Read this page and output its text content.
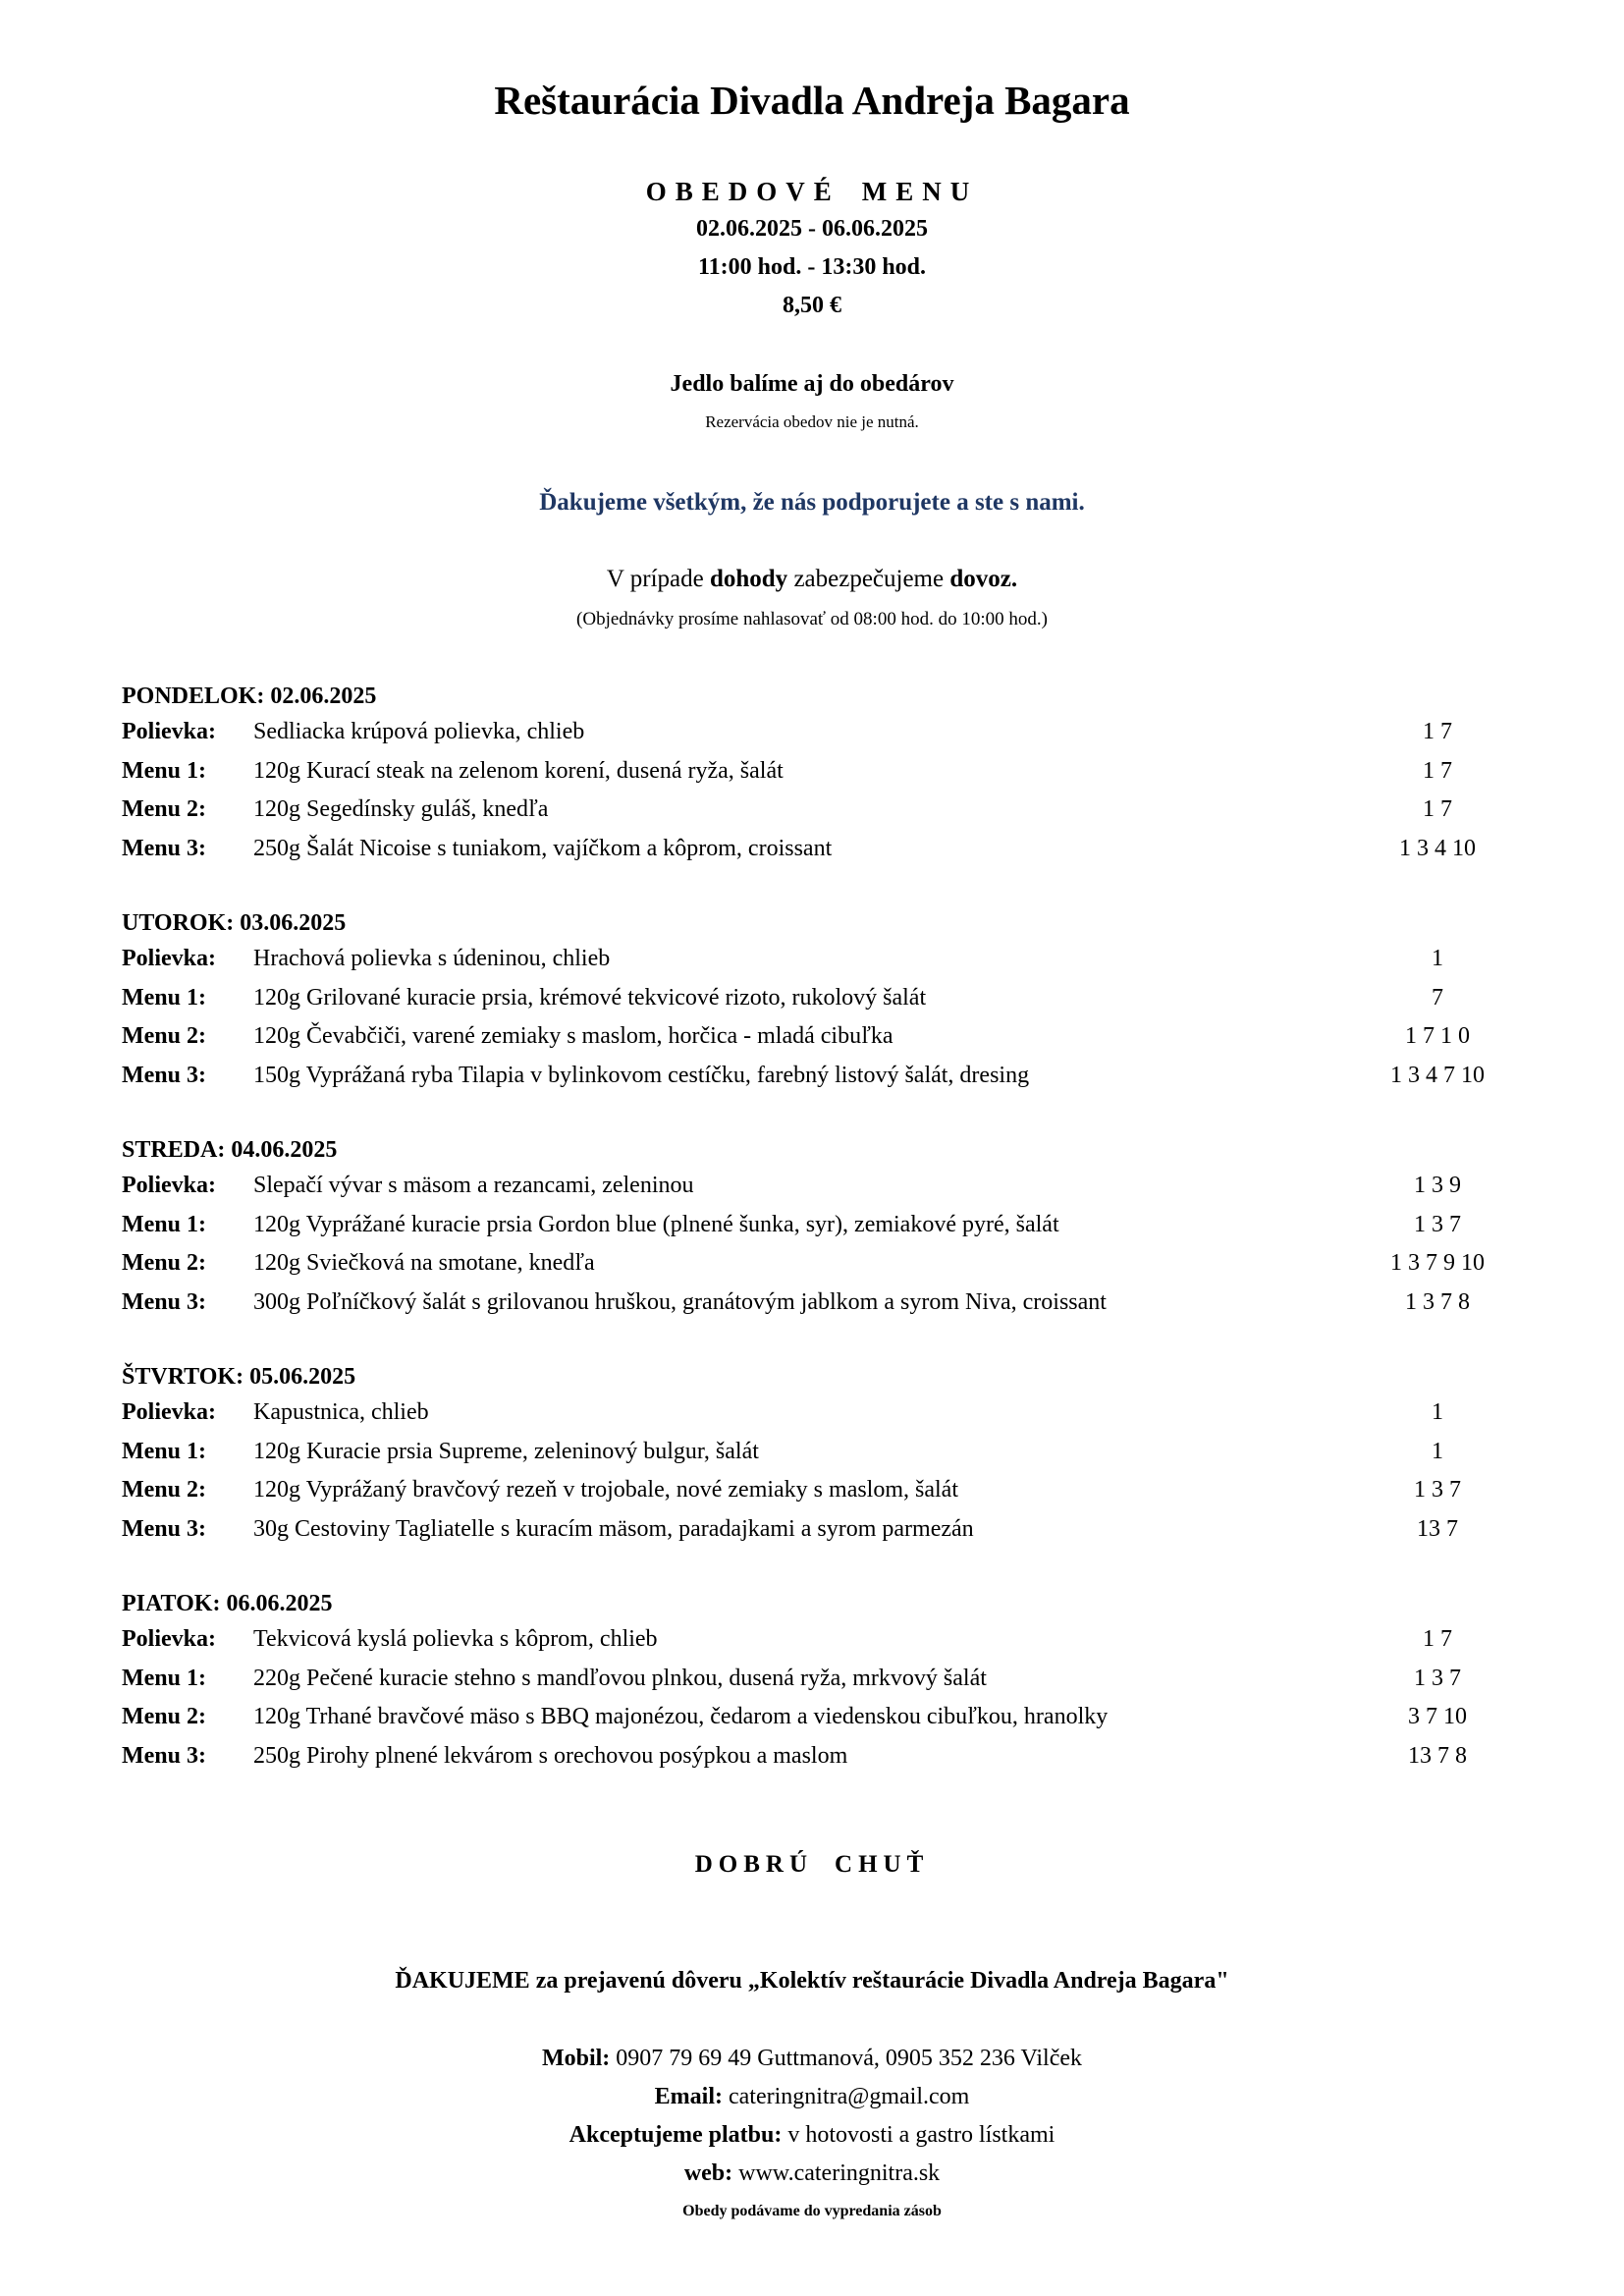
Reštaurácia Divadla Andreja Bagara
OBEDOVÉ MENU
02.06.2025 - 06.06.2025
11:00 hod. - 13:30 hod.
8,50 €
Jedlo balíme aj do obedárov
Rezervácia obedov nie je nutná.
Ďakujeme všetkým, že nás podporujete a ste s nami.
V prípade dohody zabezpečujeme dovoz.
(Objednávky prosíme nahlasovať od 08:00 hod. do 10:00 hod.)
PONDELOK: 02.06.2025
Polievka:	Sedliacka krúpová polievka, chlieb	1 7
Menu 1:	120g Kurací steak na zelenom korení, dusená ryža, šalát	1 7
Menu 2:	120g Segedínsky guláš, knedľa	1 7
Menu 3:	250g Šalát Nicoise s tuniakom, vajíčkom a kôprom, croissant	1 3 4 10
UTOROK: 03.06.2025
Polievka:	Hrachová polievka s údeninou, chlieb	1
Menu 1:	120g Grilované kuracie prsia, krémové tekvicové rizoto, rukolový šalát	7
Menu 2:	120g Čevabčiči, varené zemiaky s maslom, horčica - mladá cibuľka	1 7 1 0
Menu 3:	150g Vyprážaná ryba Tilapia v bylinkovom cestíčku, farebný listový šalát, dresing	1 3 4 7 10
STREDA: 04.06.2025
Polievka:	Slepačí vývar s mäsom a rezancami, zeleninou	1 3 9
Menu 1:	120g Vyprážané kuracie prsia Gordon blue (plnené šunka, syr), zemiakové pyré, šalát	1 3 7
Menu 2:	120g Sviečková na smotane, knedľa	1 3 7 9 10
Menu 3:	300g Poľníčkový šalát s grilovanou hruškou, granátovým jablkom a syrom Niva, croissant	1 3 7 8
ŠTVRTOK: 05.06.2025
Polievka:	Kapustnica, chlieb	1
Menu 1:	120g Kuracie prsia Supreme, zeleninový bulgur, šalát	1
Menu 2:	120g Vyprážaný bravčový rezeň v trojobale, nové zemiaky s maslom, šalát	1 3 7
Menu 3:	30g Cestoviny Tagliatelle s kuracím mäsom, paradajkami a syrom parmezán	13 7
PIATOK: 06.06.2025
Polievka:	Tekvicová kyslá polievka s kôprom, chlieb	1 7
Menu 1:	220g Pečené kuracie stehno s mandľovou plnkou, dusená ryža, mrkvový šalát	1 3 7
Menu 2:	120g Trhané bravčové mäso s BBQ majonézou, čedarom a viedenskou cibuľkou, hranolky	3 7 10
Menu 3:	250g Pirohy plnené lekvárom s orechovou posýpkou a maslom	13 7 8
DOBRÚ CHUŤ
ĎAKUJEME za prejavenú dôveru „Kolektív reštaurácie Divadla Andreja Bagara"
Mobil: 0907 79 69 49 Guttmanová, 0905 352 236 Vilček
Email: cateringnitra@gmail.com
Akceptujeme platbu: v hotovosti a gastro lístkami
web: www.cateringnitra.sk
Obedy podávame do vypredania zásob
